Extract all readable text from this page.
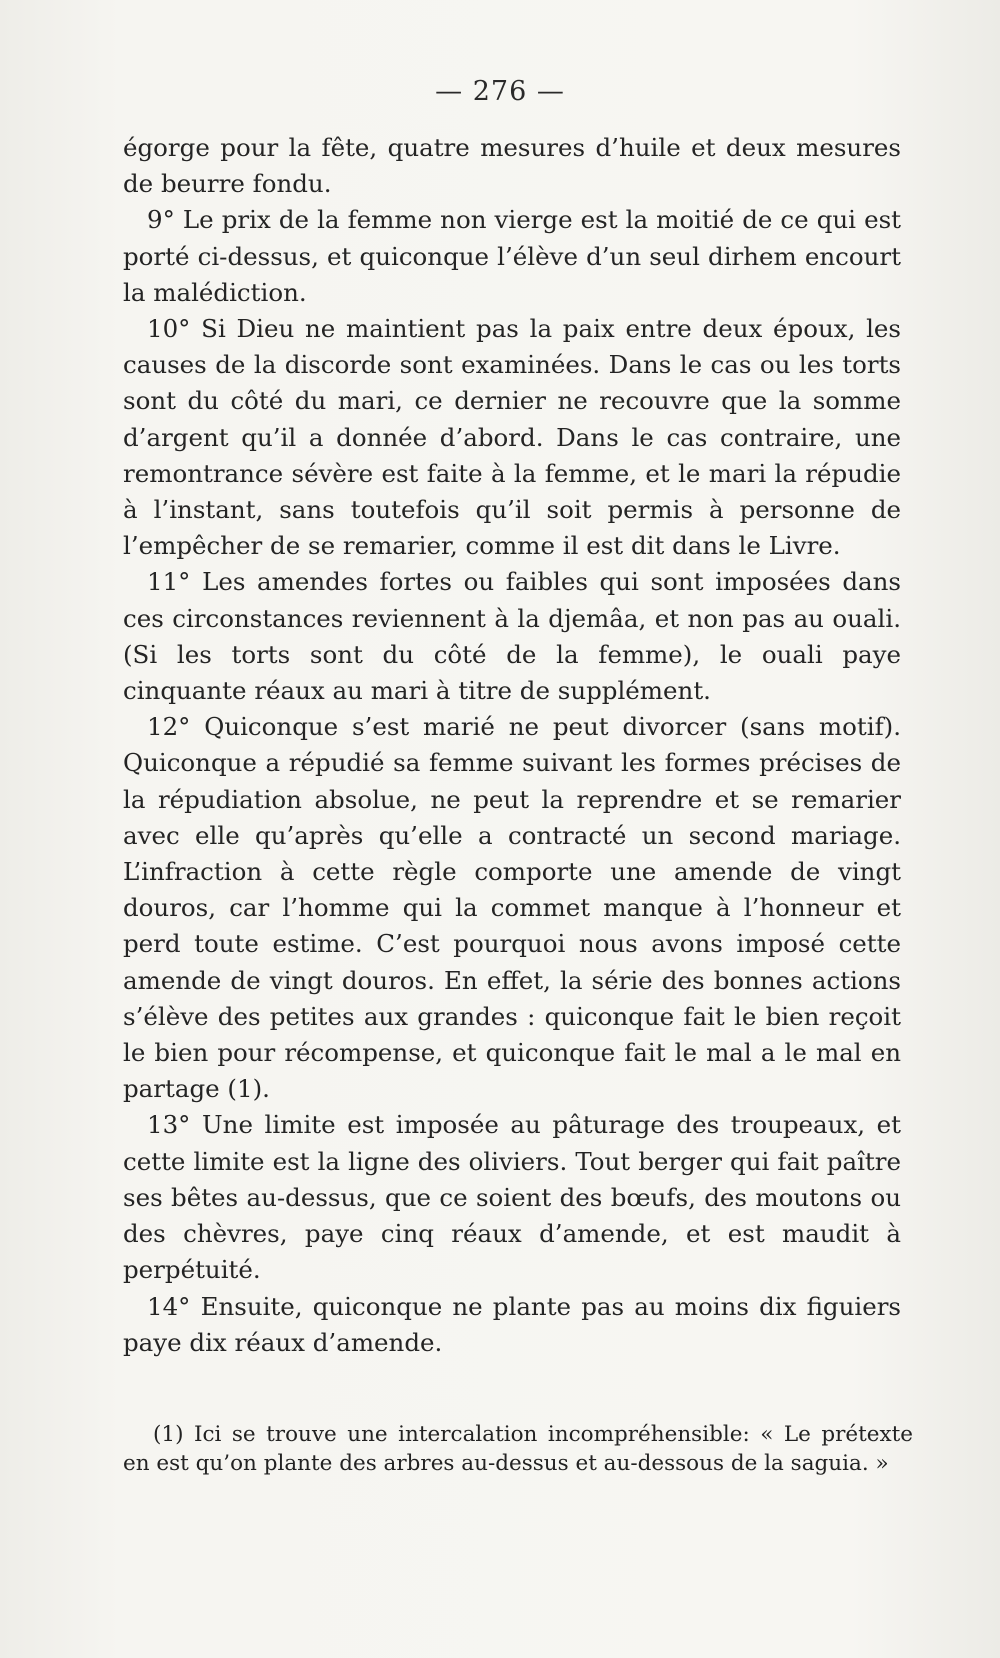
— 276 —

égorge pour la fête, quatre mesures d’huile et deux mesures de beurre fondu.

9° Le prix de la femme non vierge est la moitié de ce qui est porté ci-dessus, et quiconque l’élève d’un seul dirhem encourt la malédiction.

10° Si Dieu ne maintient pas la paix entre deux époux, les causes de la discorde sont examinées. Dans le cas ou les torts sont du côté du mari, ce dernier ne recouvre que la somme d’argent qu’il a donnée d’abord. Dans le cas contraire, une remontrance sévère est faite à la femme, et le mari la répudie à l’instant, sans toutefois qu’il soit permis à personne de l’empêcher de se remarier, comme il est dit dans le Livre.

11° Les amendes fortes ou faibles qui sont imposées dans ces circonstances reviennent à la djemâa, et non pas au ouali. (Si les torts sont du côté de la femme), le ouali paye cinquante réaux au mari à titre de supplément.

12° Quiconque s’est marié ne peut divorcer (sans motif). Quiconque a répudié sa femme suivant les formes précises de la répudiation absolue, ne peut la reprendre et se remarier avec elle qu’après qu’elle a contracté un second mariage. L’infraction à cette règle comporte une amende de vingt douros, car l’homme qui la commet manque à l’honneur et perd toute estime. C’est pourquoi nous avons imposé cette amende de vingt douros. En effet, la série des bonnes actions s’élève des petites aux grandes : quiconque fait le bien reçoit le bien pour récompense, et quiconque fait le mal a le mal en partage (1).

13° Une limite est imposée au pâturage des troupeaux, et cette limite est la ligne des oliviers. Tout berger qui fait paître ses bêtes au-dessus, que ce soient des bœufs, des moutons ou des chèvres, paye cinq réaux d’amende, et est maudit à perpétuité.

14° Ensuite, quiconque ne plante pas au moins dix figuiers paye dix réaux d’amende.

(1) Ici se trouve une intercalation incompréhensible: « Le prétexte en est qu’on plante des arbres au-dessus et au-dessous de la saguia. »
